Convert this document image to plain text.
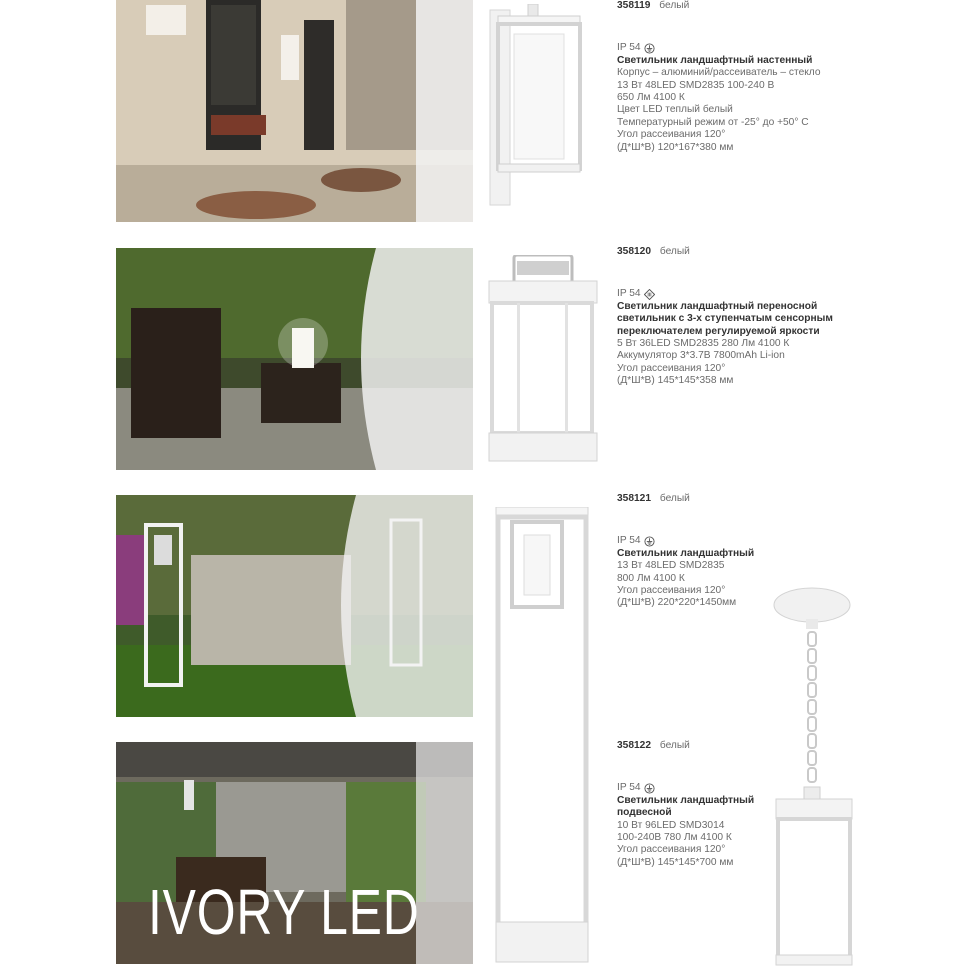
IVORY LED
358119 белый
IP 54
Светильник ландшафтный настенный
Корпус – алюминий/рассеиватель – стекло
13 Вт 48LED SMD2835 100-240 В
650 Лм 4100 К
Цвет LED теплый белый
Температурный режим от -25° до +50° С
Угол рассеивания 120°
(Д*Ш*В) 120*167*380 мм
358120 белый
IP 54
Светильник ландшафтный переносной
светильник с 3-х ступенчатым сенсорным
переключателем регулируемой яркости
5 Вт 36LED SMD2835 280 Лм 4100 К
Аккумулятор 3*3.7В 7800mAh Li-ion
Угол рассеивания 120°
(Д*Ш*В) 145*145*358 мм
358121 белый
IP 54
Светильник ландшафтный
13 Вт 48LED SMD2835
800 Лм 4100 К
Угол рассеивания 120°
(Д*Ш*В) 220*220*1450мм
358122 белый
IP 54
Светильник ландшафтный
подвесной
10 Вт 96LED SMD3014
100-240В 780 Лм 4100 К
Угол рассеивания 120°
(Д*Ш*В) 145*145*700 мм
